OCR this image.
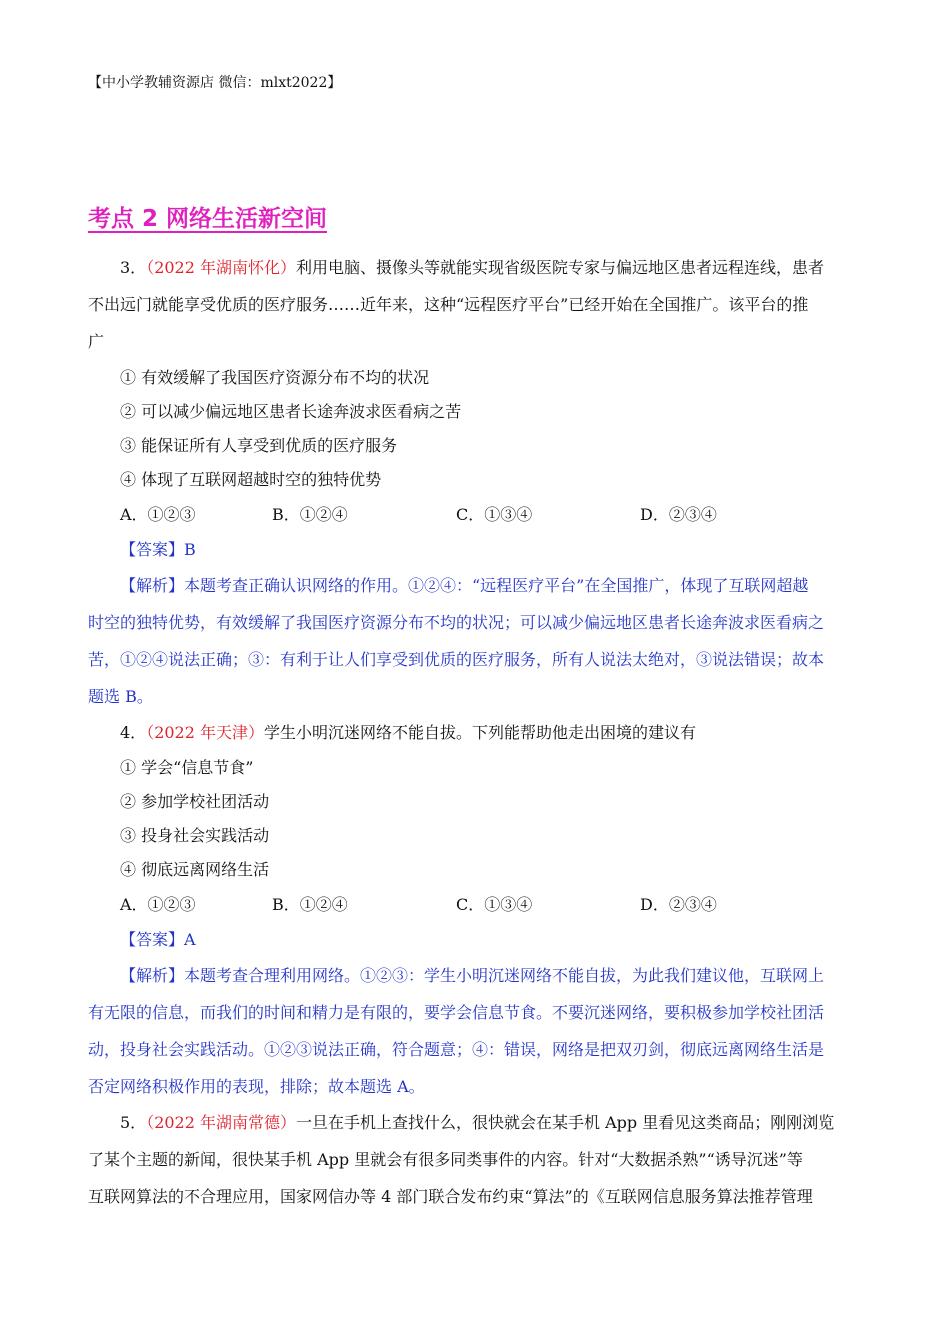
【中小学教辅资源店 微信：mlxt2022】
考点 2 网络生活新空间
3．（2022 年湖南怀化）利用电脑、摄像头等就能实现省级医院专家与偏远地区患者远程连线，患者
不出远门就能享受优质的医疗服务……近年来，这种“远程医疗平台”已经开始在全国推广。该平台的推
广
① 有效缓解了我国医疗资源分布不均的状况
② 可以减少偏远地区患者长途奔波求医看病之苦
③ 能保证所有人享受到优质的医疗服务
④ 体现了互联网超越时空的独特优势
A．①②③	B．①②④	C．①③④	D．②③④
【答案】B
【解析】本题考查正确认识网络的作用。①②④：“远程医疗平台”在全国推广，体现了互联网超越
时空的独特优势，有效缓解了我国医疗资源分布不均的状况；可以减少偏远地区患者长途奔波求医看病之
苦，①②④说法正确；③：有利于让人们享受到优质的医疗服务，所有人说法太绝对，③说法错误；故本
题选 B。
4．（2022 年天津）学生小明沉迷网络不能自拔。下列能帮助他走出困境的建议有
① 学会“信息节食”
② 参加学校社团活动
③ 投身社会实践活动
④ 彻底远离网络生活
A．①②③	B．①②④	C．①③④	D．②③④
【答案】A
【解析】本题考查合理利用网络。①②③：学生小明沉迷网络不能自拔，为此我们建议他，互联网上
有无限的信息，而我们的时间和精力是有限的，要学会信息节食。不要沉迷网络，要积极参加学校社团活
动，投身社会实践活动。①②③说法正确，符合题意；④：错误，网络是把双刃剑，彻底远离网络生活是
否定网络积极作用的表现，排除；故本题选 A。
5．（2022 年湖南常德）一旦在手机上查找什么，很快就会在某手机 App 里看见这类商品；刚刚浏览
了某个主题的新闻，很快某手机 App 里就会有很多同类事件的内容。针对“大数据杀熟”“诱导沉迷”等
互联网算法的不合理应用，国家网信办等 4 部门联合发布约束“算法”的《互联网信息服务算法推荐管理
